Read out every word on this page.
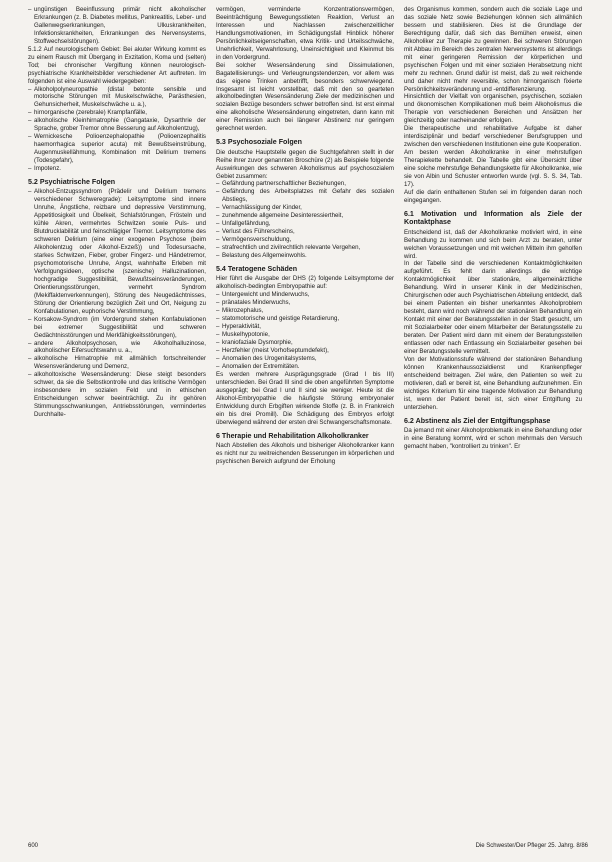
– ungünstigen Beeinflussung primär nicht alkoholischer Erkrankungen (z. B. Diabetes mellitus, Pankreatitis, Leber- und Gallenwegserkrankungen, Ulkuskrankheiten, Infektionskrankheiten, Erkrankungen des Nervensystems, Stoffwechselstörungen).

5.1.2 Auf neurologischem Gebiet: Bei akuter Wirkung kommt es zu einem Rausch mit Übergang in Exzitation, Koma und (selten) Tod; bei chronischer Vergiftung können neurologisch-psychiatrische Krankheitsbilder verschiedener Art auftreten. Im folgenden ist eine Auswahl wiedergegeben:

– Alkoholpolyneuropathie (distal betonte sensible und motorische Störungen mit Muskelschwäche, Parästhesien, Gehunsicherheit, Muskelschwäche u. a.),
– hirnorganische (zerebrale) Krampfanfälle,
– alkoholische Kleinhirnatrophie (Gangataxie, Dysarthrie der Sprache, grober Tremor ohne Besserung auf Alkoholentzug),
– Wernickesche Polioenzephalopathie (Polioenzephalitis haemorrhagica superior acuta) mit Bewußtseinstrübung, Augenmuskellähmung, Kombination mit Delirium tremens (Todesgefahr),
– Impotenz.
5.2 Psychiatrische Folgen
– Alkohol-Entzugssyndrom (Prädelir und Delirium tremens verschiedener Schweregrade): Leitsymptome sind innere Unruhe, Ängstliche, reizbare und depressive Verstimmung, Appetitlosigkeit und Übelkeit, Schlafstörungen, Frösteln und kühle Akren, vermehrtes Schwitzen sowie Puls- und Blutdrucklabilität und feinschlägiger Tremor. Leitsymptome des schweren Delirium (eine einer exogenen Psychose (beim Alkoholentzug oder Alkohol-Exzeß)) und Todesursache, starkes Schwitzen, Fieber, grober Fingerz- und Händetremor, psychomotorische Unruhe, Angst, wahnhafte Erleben mit Verfolgungsideen, optische (szenische) Halluzinationen, hochgradige Suggestibilität, Bewußtseinsveränderungen, Orientierungsstörungen, vermehrt Syndrom (Mekiffaktenverkennungen), Störung des Neugedächtnisses, Störung der Orientierung bezüglich Zeit und Ort, Neigung zu Konfabulationen, euphorische Verstimmung,
– Korsakow-Syndrom (im Vordergrund stehen Konfabulationen bei extremer Suggestibilität und schweren Gedächtnisstörungen und Merkfähigkeitsstörungen),
– andere Alkoholpsychosen, wie Alkoholhalluzinose, alkoholischer Eifersuchtswahn u. a.,
– alkoholische Hirnatrophie mit allmählich fortschreitender Wesensveränderung und Demenz,
– alkoholtoxische Wesensänderung: Diese steigt besonders schwer, da sie die Selbstkontrolle und das kritische Vermögen insbesondere im sozialen Feld und in ethischen Entscheidungen schwer beeinträchtigt. Zu ihr gehören Stimmungsschwankungen, Antriebsstörungen, vermindertes Durchhalte-

vermögen, verminderte Konzentrationsvermögen, Beeinträchtigung Bewegungsstieten Reaktion, Verlust an Interessen und Nachlassen zwischenzeitlicher Handlungsmotivationen, im Schädigungsfall Hinblick höherer Persönlichkeitseigenschaften, etwa Kritik- und Urteilsschwäche, Unehrlichkeit, Verwahrlosung, Uneinsichtigkeit und Kleinmut bis in den Vordergrund.

Bei solcher Wesensänderung sind Dissimulationen, Bagatellisierungs- und Verleugnungstendenzen, vor allem was das eigene Trinken anbetrifft, besonders schwerwiegend. Insgesamt ist leicht vorstellbar, daß mit den so gearteten alkoholbedingten Wesensänderung Ziele der medizinischen und sozialen Bezüge besonders schwer betroffen sind. Ist erst einmal eine alkoholische Wesensänderung eingetreten, dann kann mit einer Remission auch bei längerer Abstinenz nur geringem gerechnet werden.

5.3 Psychosoziale Folgen

Die deutsche Hauptstelle gegen die Suchtgefahren stellt in der Reihe ihrer zuvor genannten Broschüre (2) als Beispiele folgende Auswirkungen des schweren Alkoholismus auf psychosozialem Gebiet zusammen:

– Gefährdung partnerschaftlicher Beziehungen,
– Gefährdung des Arbeitsplatzes mit Gefahr des sozialen Abstiegs,
– Vernachlässigung der Kinder,
– zunehmende allgemeine Desinteressiertheit,
– Unfallgefährdung,
– Verlust des Führerscheins,
– Vermögensverschuldung,
– strafrechtlich und zivilrechtlich relevante Vergehen,
– Belastung des Allgemeinwohls.
5.4 Teratogene Schäden

Hier führt die Ausgabe der DHS (2) folgende Leitsymptome der alkoholisch-bedingten Embryopathie auf:

– Untergewicht und Minderwuchs,
– pränatales Minderwuchs,
– Mikrozephalus,
– statomotorische und geistige Retardierung,
– Hyperaktivität,
– Muskelhypotonie,
– kraniofaziale Dysmorphie,
– Herzfehler (meist Vorhofseptumdefekt),
– Anomalien des Urogenitalsystems,
– Anomalien der Extremitäten.

Es werden mehrere Ausprägungsgrade (Grad I bis III) unterschieden. Bei Grad III sind die oben angeführten Symptome ausgeprägt; bei Grad I und II sind sie weniger. Heute ist die Alkohol-Embryopathie die häufigste Störung embryonaler Entwicklung durch Erbgiften wirkende Stoffe (z. B. in Frankreich ein bis drei Promill). Die Schädigung des Embryos erfolgt überwiegend während der ersten drei Schwangerschaftsmonate.

6 Therapie und Rehabilitation Alkoholkranker

Nach Abstellen des Alkohols und bisheriger Alkoholkranker kann es nicht nur zu weitreichenden Besserungen im körperlichen und psychischen Bereich aufgrund der Erholung

des Organismus kommen, sondern auch die soziale Lage und das soziale Netz sowie Beziehungen können sich allmählich bessern und stabilisieren. Dies ist die Grundlage der Berechtigung dafür, daß sich das Bemühen erweist, einen Alkoholiker zur Therapie zu gewinnen. Bei schweren Störungen mit Abbau im Bereich des zentralen Nervensystems ist allerdings mit einer geringeren Remission der körperlichen und psychischen Folgen und mit einer sozialen Herabsetzung nicht mehr zu rechnen. Grund dafür ist meist, daß zu weit reichende und daher nicht mehr reversible, schon hirnorganisch fixierte Persönlichkeitsveränderung und -entdifferenzierung.

Hinsichtlich der Vielfalt von organischen, psychischen, sozialen und ökonomischen Komplikationen muß beim Alkoholismus die Therapie von verschiedenen Bereichen und Ansätzen her gleichzeitig oder nacheinander erfolgen.

Die therapeutische und rehabilitative Aufgabe ist daher interdisziplinär und bedarf verschiedener Berufsgruppen und zwischen den verschiedenen Institutionen eine gute Kooperation.

Am besten werden Alkoholkranke in einer mehrstufigen Therapiekette behandelt. Die Tabelle gibt eine Übersicht über eine solche mehrstufige Behandlungskette für Alkoholkranke, wie sie von Albin und Schuster entworfen wurde (vgl. S. S. 34, Tab. 17).

Auf die darin enthaltenen Stufen sei im folgenden daran noch eingegangen.

6.1 Motivation und Information als Ziele der Kontaktphase

Entscheidend ist, daß der Alkoholkranke motiviert wird, in eine Behandlung zu kommen und sich beim Arzt zu beraten, unter welchen Voraussetzungen und mit welchen Mitteln ihm geholfen wird.

In der Tabelle sind die verschiedenen Kontaktmöglichkeiten aufgeführt. Es fehlt darin allerdings die wichtige Kontaktmöglichkeit über stationäre, allgemeinärztliche Behandlung. Wird in unserer Klinik in der Medizinischen, Chirurgischen oder auch Psychiatrischen Abteilung entdeckt, daß bei einem Patienten ein bisher unerkanntes Alkoholproblem besteht, dann wird noch während der stationären Behandlung ein Kontakt mit einer der Beratungsstellen in der Stadt gesucht, um mit Sozialarbeiter oder einem Mitarbeiter der Beratungsstelle zu beraten. Der Patient wird dann mit einem der Beratungsstellen entlassen oder nach Entlassung ein Sozialarbeiter gesehen bei einer Beratungsstelle vermittelt.

Von der Motivationsstufe während der stationären Behandlung können Krankenhaussozialdienst und Krankenpfleger entscheidend beitragen. Ziel wäre, den Patienten so weit zu motivieren, daß er bereit ist, eine Behandlung aufzunehmen. Ein wichtiges Kriterium für eine tragende Motivation zur Behandlung ist, wenn der Patient bereit ist, sich einer Entgiftung zu unterziehen.

6.2 Abstinenz als Ziel der Entgiftungsphase

Da jemand mit einer Alkoholproblematik in eine Behandlung oder in eine Beratung kommt, wird er schon mehrmals den Versuch gemacht haben, "kontrolliert zu trinken". Er

600	Die Schwester/Der Pfleger 25. Jahrg. 8/86
